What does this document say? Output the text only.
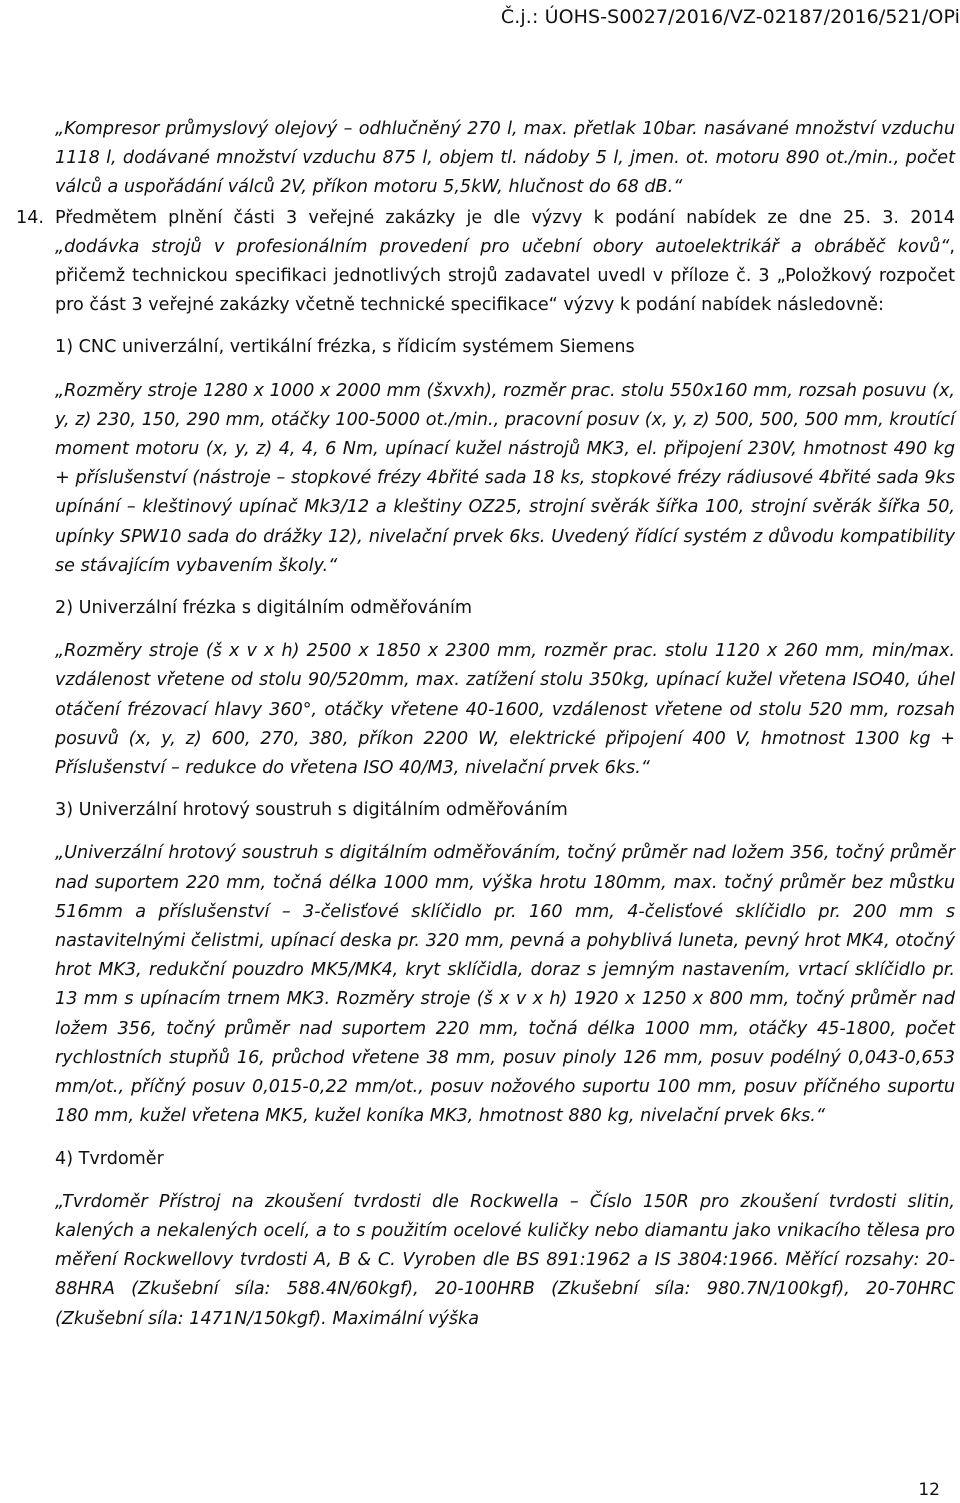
Č.j.: ÚOHS-S0027/2016/VZ-02187/2016/521/OPi

„Kompresor průmyslový olejový – odhlučněný 270 l, max. přetlak 10bar. nasávané množství vzduchu 1118 l, dodávané množství vzduchu 875 l, objem tl. nádoby 5 l, jmen. ot. motoru 890 ot./min., počet válců a uspořádání válců 2V, příkon motoru 5,5kW, hlučnost do 68 dB.“

14. Předmětem plnění části 3 veřejné zakázky je dle výzvy k podání nabídek ze dne 25. 3. 2014 „dodávka strojů v profesionálním provedení pro učební obory autoelektrikář a obráběč kovů“, přičemž technickou specifikaci jednotlivých strojů zadavatel uvedl v příloze č. 3 „Položkový rozpočet pro část 3 veřejné zakázky včetně technické specifikace“ výzvy k podání nabídek následovně:

1) CNC univerzální, vertikální frézka, s řídicím systémem Siemens

„Rozměry stroje 1280 x 1000 x 2000 mm (šxvxh), rozměr prac. stolu 550x160 mm, rozsah posuvu (x, y, z) 230, 150, 290 mm, otáčky 100-5000 ot./min., pracovní posuv (x, y, z) 500, 500, 500 mm, kroutící moment motoru (x, y, z) 4, 4, 6 Nm, upínací kužel nástrojů MK3, el. připojení 230V, hmotnost 490 kg + příslušenství (nástroje – stopkové frézy 4břité sada 18 ks, stopkové frézy rádiusové 4břité sada 9ks upínání – kleštinový upínač Mk3/12 a kleštiny OZ25, strojní svěrák šířka 100, strojní svěrák šířka 50, upínky SPW10 sada do drážky 12), nivelační prvek 6ks. Uvedený řídící systém z důvodu kompatibility se stávajícím vybavením školy.“

2) Univerzální frézka s digitálním odměřováním

„Rozměry stroje (š x v x h) 2500 x 1850 x 2300 mm, rozměr prac. stolu 1120 x 260 mm, min/max. vzdálenost vřetene od stolu 90/520mm, max. zatížení stolu 350kg, upínací kužel vřetena ISO40, úhel otáčení frézovací hlavy 360°, otáčky vřetene 40-1600, vzdálenost vřetene od stolu 520 mm, rozsah posuvů (x, y, z) 600, 270, 380, příkon 2200 W, elektrické připojení 400 V, hmotnost 1300 kg + Příslušenství – redukce do vřetena ISO 40/M3, nivelační prvek 6ks.“

3) Univerzální hrotový soustruh s digitálním odměřováním

„Univerzální hrotový soustruh s digitálním odměřováním, točný průměr nad ložem 356, točný průměr nad suportem 220 mm, točná délka 1000 mm, výška hrotu 180mm, max. točný průměr bez můstku 516mm a příslušenství – 3-čelisťové sklíčidlo pr. 160 mm, 4-čelisťové sklíčidlo pr. 200 mm s nastavitelnými čelistmi, upínací deska pr. 320 mm, pevná a pohyblivá luneta, pevný hrot MK4, otočný hrot MK3, redukční pouzdro MK5/MK4, kryt sklíčidla, doraz s jemným nastavením, vrtací sklíčidlo pr. 13 mm s upínacím trnem MK3. Rozměry stroje (š x v x h) 1920 x 1250 x 800 mm, točný průměr nad ložem 356, točný průměr nad suportem 220 mm, točná délka 1000 mm, otáčky 45-1800, počet rychlostních stupňů 16, průchod vřetene 38 mm, posuv pinoly 126 mm, posuv podélný 0,043-0,653 mm/ot., příčný posuv 0,015-0,22 mm/ot., posuv nožového suportu 100 mm, posuv příčného suportu 180 mm, kužel vřetena MK5, kužel koníka MK3, hmotnost 880 kg, nivelační prvek 6ks.“

4) Tvrdoměr

„Tvrdoměr Přístroj na zkoušení tvrdosti dle Rockwella – Číslo 150R pro zkoušení tvrdosti slitin, kalených a nekalených ocelí, a to s použitím ocelové kuličky nebo diamantu jako vnikacího tělesa pro měření Rockwellovy tvrdosti A, B & C. Vyroben dle BS 891:1962 a IS 3804:1966. Měřící rozsahy: 20-88HRA (Zkušební síla: 588.4N/60kgf), 20-100HRB (Zkušební síla: 980.7N/100kgf), 20-70HRC (Zkušební síla: 1471N/150kgf). Maximální výška

12
